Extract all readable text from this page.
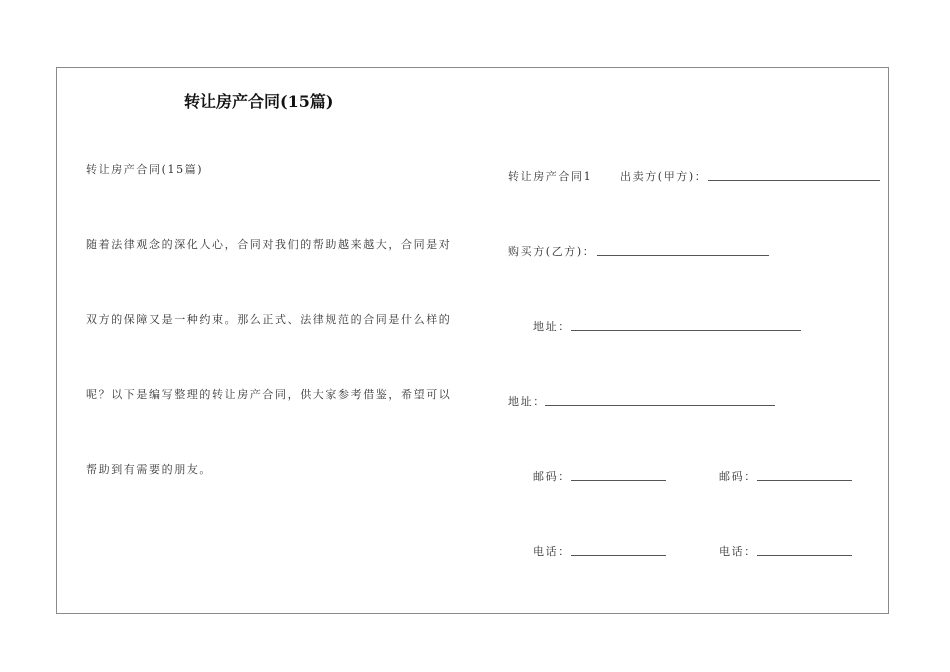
转让房产合同(15篇)
转让房产合同(15篇)
随着法律观念的深化人心，合同对我们的帮助越来越大，合同是对
双方的保障又是一种约束。那么正式、法律规范的合同是什么样的
呢？以下是编写整理的转让房产合同，供大家参考借鉴，希望可以
帮助到有需要的朋友。
转让房产合同1	出卖方(甲方)：
购买方(乙方)：
地址：
地址：
邮码：	邮码：
电话：	电话：
